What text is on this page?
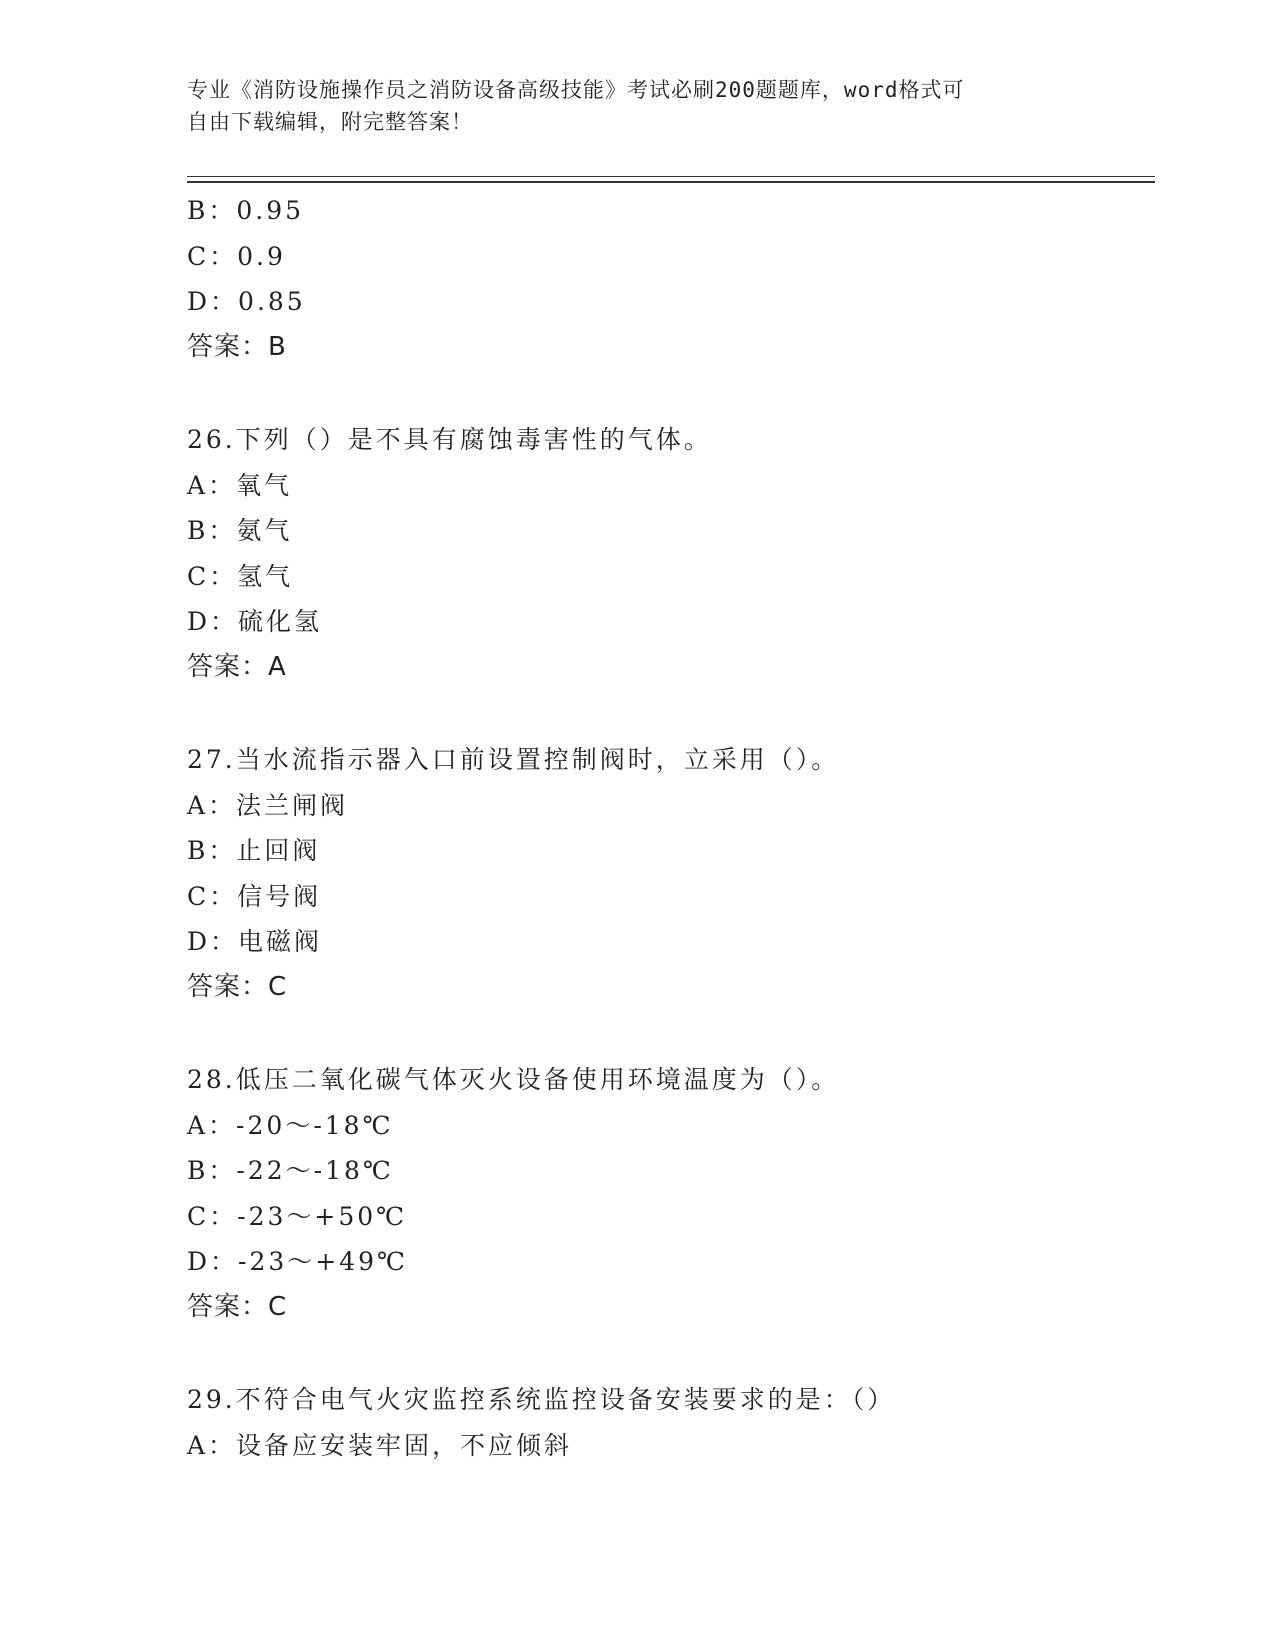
专业《消防设施操作员之消防设备高级技能》考试必刷200题题库，word格式可
自由下载编辑，附完整答案！
B：0.95
C：0.9
D：0.85
答案：B
26.下列（）是不具有腐蚀毒害性的气体。
A：氧气
B：氨气
C：氢气
D：硫化氢
答案：A
27.当水流指示器入口前设置控制阀时，立采用（）。
A：法兰闸阀
B：止回阀
C：信号阀
D：电磁阀
答案：C
28.低压二氧化碳气体灭火设备使用环境温度为（）。
A：-20～-18℃
B：-22～-18℃
C：-23～+50℃
D：-23～+49℃
答案：C
29.不符合电气火灾监控系统监控设备安装要求的是：（）
A：设备应安装牢固，不应倾斜
